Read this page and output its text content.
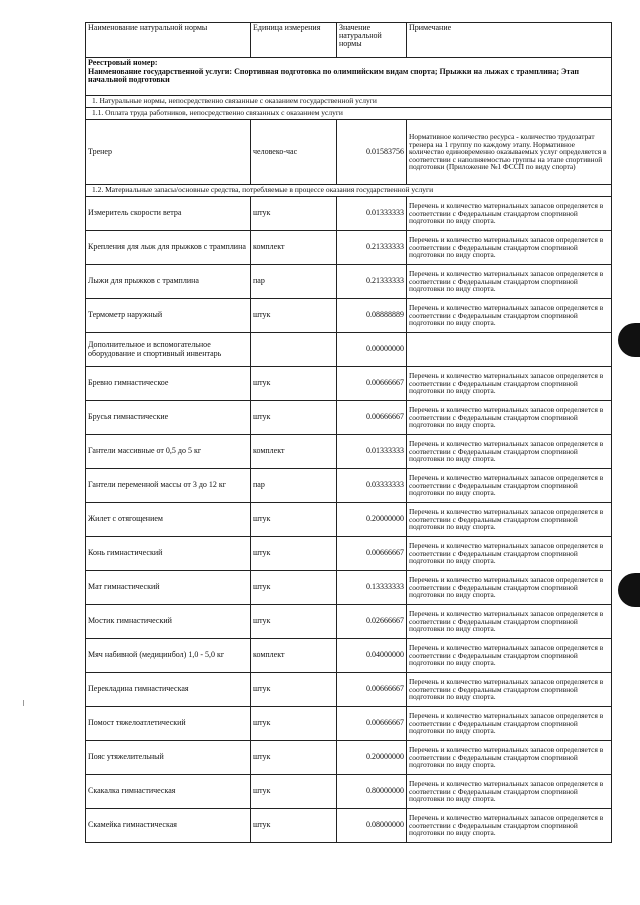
Наименование натуральной нормы	Единица измерения	Значение натуральной нормы	Примечание

Реестровый номер:
Наименование государственной услуги: Спортивная подготовка по олимпийским видам спорта; Прыжки на лыжах с трамплина; Этап начальной подготовки			

1. Натуральные нормы, непосредственно связанные с оказанием государственной услуги			
1.1. Оплата труда работников, непосредственно связанных с оказанием услуги			
Тренер	человеко-час	0.01583756	Нормативное количество ресурса - количество трудозатрат тренера на 1 группу по каждому этапу. Нормативное количество единовременно оказываемых услуг определяется в соответствии с наполняемостью группы на этапе спортивной подготовки (Приложение №1 ФССП по виду спорта)
1.2. Материальные запасы/основные средства, потребляемые в процессе оказания государственной услуги			
Измеритель скорости ветра	штук	0.01333333	Перечень и количество материальных запасов определяется в соответствии с Федеральным стандартом спортивной подготовки по виду спорта.
Крепления для лыж для прыжков с трамплина	комплект	0.21333333	Перечень и количество материальных запасов определяется в соответствии с Федеральным стандартом спортивной подготовки по виду спорта.
Лыжи для прыжков с трамплина	пар	0.21333333	Перечень и количество материальных запасов определяется в соответствии с Федеральным стандартом спортивной подготовки по виду спорта.
Термометр наружный	штук	0.08888889	Перечень и количество материальных запасов определяется в соответствии с Федеральным стандартом спортивной подготовки по виду спорта.
Дополнительное и вспомогательное оборудование и спортивный инвентарь		0.00000000	
Бревно гимнастическое	штук	0.00666667	Перечень и количество материальных запасов определяется в соответствии с Федеральным стандартом спортивной подготовки по виду спорта.
Брусья гимнастические	штук	0.00666667	Перечень и количество материальных запасов определяется в соответствии с Федеральным стандартом спортивной подготовки по виду спорта.
Гантели массивные от 0,5 до 5 кг	комплект	0.01333333	Перечень и количество материальных запасов определяется в соответствии с Федеральным стандартом спортивной подготовки по виду спорта.
Гантели переменной массы от 3 до 12 кг	пар	0.03333333	Перечень и количество материальных запасов определяется в соответствии с Федеральным стандартом спортивной подготовки по виду спорта.
Жилет с отягощением	штук	0.20000000	Перечень и количество материальных запасов определяется в соответствии с Федеральным стандартом спортивной подготовки по виду спорта.
Конь гимнастический	штук	0.00666667	Перечень и количество материальных запасов определяется в соответствии с Федеральным стандартом спортивной подготовки по виду спорта.
Мат гимнастический	штук	0.13333333	Перечень и количество материальных запасов определяется в соответствии с Федеральным стандартом спортивной подготовки по виду спорта.
Мостик гимнастический	штук	0.02666667	Перечень и количество материальных запасов определяется в соответствии с Федеральным стандартом спортивной подготовки по виду спорта.
Мяч набивной (медицинбол) 1,0 - 5,0 кг	комплект	0.04000000	Перечень и количество материальных запасов определяется в соответствии с Федеральным стандартом спортивной подготовки по виду спорта.
Перекладина гимнастическая	штук	0.00666667	Перечень и количество материальных запасов определяется в соответствии с Федеральным стандартом спортивной подготовки по виду спорта.
Помост тяжелоатлетический	штук	0.00666667	Перечень и количество материальных запасов определяется в соответствии с Федеральным стандартом спортивной подготовки по виду спорта.
Пояс утяжелительный	штук	0.20000000	Перечень и количество материальных запасов определяется в соответствии с Федеральным стандартом спортивной подготовки по виду спорта.
Скакалка гимнастическая	штук	0.80000000	Перечень и количество материальных запасов определяется в соответствии с Федеральным стандартом спортивной подготовки по виду спорта.
Скамейка гимнастическая	штук	0.08000000	Перечень и количество материальных запасов определяется в соответствии с Федеральным стандартом спортивной подготовки по виду спорта.
